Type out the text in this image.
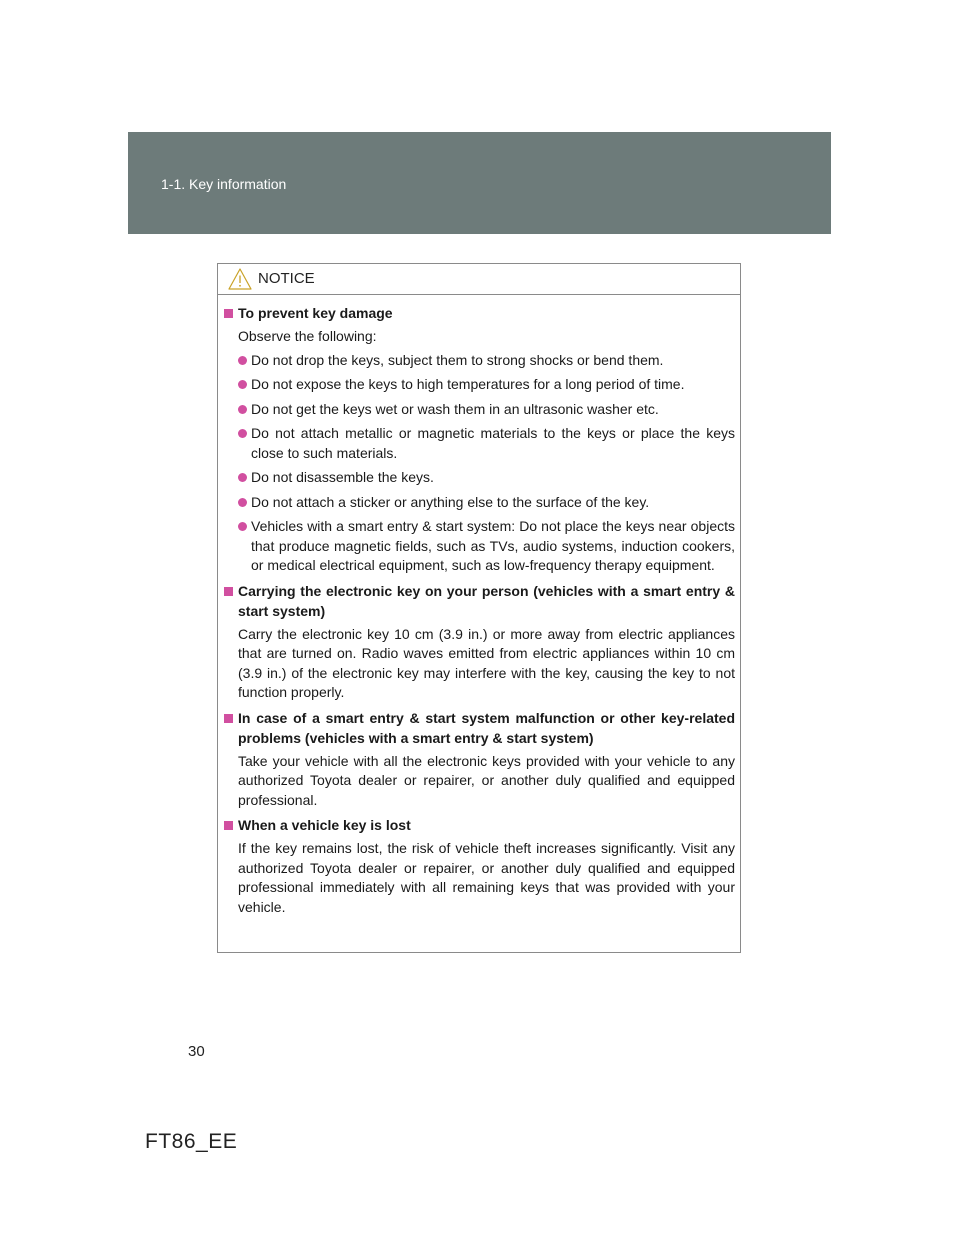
1-1. Key information
NOTICE
To prevent key damage

Observe the following:

Do not drop the keys, subject them to strong shocks or bend them.
Do not expose the keys to high temperatures for a long period of time.
Do not get the keys wet or wash them in an ultrasonic washer etc.
Do not attach metallic or magnetic materials to the keys or place the keys close to such materials.
Do not disassemble the keys.
Do not attach a sticker or anything else to the surface of the key.
Vehicles with a smart entry & start system: Do not place the keys near objects that produce magnetic fields, such as TVs, audio systems, induction cookers, or medical electrical equipment, such as low-frequency therapy equipment.
Carrying the electronic key on your person (vehicles with a smart entry & start system)

Carry the electronic key 10 cm (3.9 in.) or more away from electric appliances that are turned on. Radio waves emitted from electric appliances within 10 cm (3.9 in.) of the electronic key may interfere with the key, causing the key to not function properly.

In case of a smart entry & start system malfunction or other key-related problems (vehicles with a smart entry & start system)

Take your vehicle with all the electronic keys provided with your vehicle to any authorized Toyota dealer or repairer, or another duly qualified and equipped professional.

When a vehicle key is lost

If the key remains lost, the risk of vehicle theft increases significantly. Visit any authorized Toyota dealer or repairer, or another duly qualified and equipped professional immediately with all remaining keys that was provided with your vehicle.

30
FT86_EE
